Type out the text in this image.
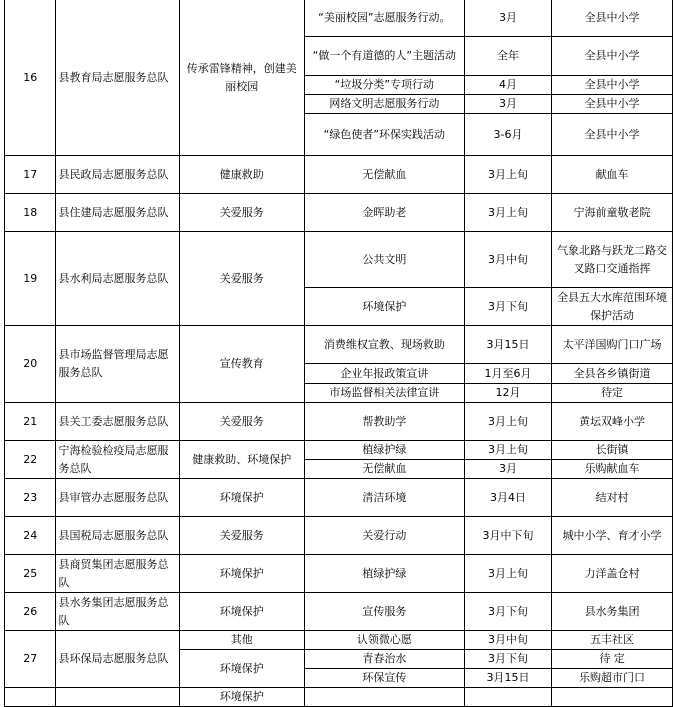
16	县教育局志愿服务总队	传承雷锋精神，创建美丽校园	“美丽校园”志愿服务行动。	3月	全县中小学
			“做一个有道德的人”主题活动	全年	全县中小学
			“垃圾分类”专项行动	4月	全县中小学
			网络文明志愿服务行动	3月	全县中小学
			“绿色使者”环保实践活动	3-6月	全县中小学
17	县民政局志愿服务总队	健康救助	无偿献血	3月上旬	献血车
18	县住建局志愿服务总队	关爱服务	金晖助老	3月上旬	宁海前童敬老院
19	县水利局志愿服务总队	关爱服务	公共文明	3月中旬	气象北路与跃龙二路交叉路口交通指挥
			环境保护	3月下旬	全县五大水库范围环境保护活动
20	县市场监督管理局志愿服务总队	宣传教育	消费维权宣教、现场救助	3月15日	太平洋国购门口广场
			企业年报政策宣讲	1月至6月	全县各乡镇街道
			市场监督相关法律宣讲	12月	待定
21	县关工委志愿服务总队	关爱服务	帮教助学	3月上旬	黄坛双峰小学
22	宁海检验检疫局志愿服务总队	健康救助、环境保护	植绿护绿	3月上旬	长街镇
			无偿献血	3月	乐购献血车
23	县审管办志愿服务总队	环境保护	清洁环境	3月4日	结对村
24	县国税局志愿服务总队	关爱服务	关爱行动	3月中下旬	城中小学、育才小学
25	县商贸集团志愿服务总队	环境保护	植绿护绿	3月上旬	力洋盖仓村
26	县水务集团志愿服务总队	环境保护	宣传服务	3月下旬	县水务集团
27	县环保局志愿服务总队	其他	认领微心愿	3月中旬	五丰社区
		环境保护	青春治水	3月下旬	待 定
			环保宣传	3月15日	乐购超市门口
		环境保护			
